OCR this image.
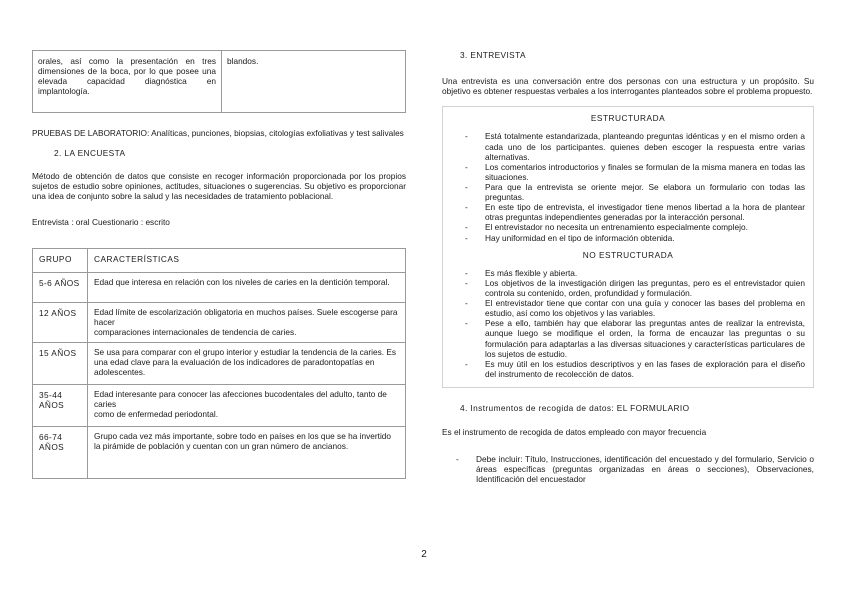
orales, así como la presentación en tres dimensiones de la boca, por lo que posee una elevada capacidad diagnóstica en implantología.	blandos.

PRUEBAS DE LABORATORIO: Analíticas, punciones, biopsias, citologías exfoliativas y test salivales

2. LA ENCUESTA

Método de obtención de datos que consiste en recoger información proporcionada por los propios sujetos de estudio sobre opiniones, actitudes, situaciones o sugerencias. Su objetivo es proporcionar una idea de conjunto sobre la salud y las necesidades de tratamiento poblacional.

Entrevista : oral Cuestionario : escrito

GRUPO	CARACTERÍSTICAS
5-6 AÑOS	Edad que interesa en relación con los niveles de caries en la dentición temporal.

12 AÑOS	Edad límite de escolarización obligatoria en muchos países. Suele escogerse para hacer
comparaciones internacionales de tendencia de caries.

15 AÑOS	Se usa para comparar con el grupo interior y estudiar la tendencia de la caries. Es una edad clave para la evaluación de los indicadores de paradontopatías en adolescentes.

35-44 AÑOS	Edad interesante para conocer las afecciones bucodentales del adulto, tanto de caries
como de enfermedad periodontal.

66-74 AÑOS	Grupo cada vez más importante, sobre todo en países en los que se ha invertido la pirámide de población y cuentan con un gran número de ancianos.

3. ENTREVISTA

Una entrevista es una conversación entre dos personas con una estructura y un propósito. Su objetivo es obtener respuestas verbales a los interrogantes planteados sobre el problema propuesto.

ESTRUCTURADA

- Está totalmente estandarizada, planteando preguntas idénticas y en el mismo orden a cada uno de los participantes. quienes deben escoger la respuesta entre varias alternativas.
- Los comentarios introductorios y finales se formulan de la misma manera en todas las situaciones.
- Para que la entrevista se oriente mejor. Se elabora un formulario con todas las preguntas.
- En este tipo de entrevista, el investigador tiene menos libertad a la hora de plantear otras preguntas independientes generadas por la interacción personal.
- El entrevistador no necesita un entrenamiento especialmente complejo.
- Hay uniformidad en el tipo de información obtenida.

NO ESTRUCTURADA

- Es más flexible y abierta.
- Los objetivos de la investigación dirigen las preguntas, pero es el entrevistador quien controla su contenido, orden, profundidad y formulación.
- El entrevistador tiene que contar con una guía y conocer las bases del problema en estudio, así como los objetivos y las variables.
- Pese a ello, también hay que elaborar las preguntas antes de realizar la entrevista, aunque luego se modifique el orden, la forma de encauzar las preguntas o su formulación para adaptarlas a las diversas situaciones y características particulares de los sujetos de estudio.
- Es muy útil en los estudios descriptivos y en las fases de exploración para el diseño del instrumento de recolección de datos.

4. Instrumentos de recogida de datos: EL FORMULARIO

Es el instrumento de recogida de datos empleado con mayor frecuencia

- Debe incluir: Título, Instrucciones, identificación del encuestado y del formulario, Servicio o áreas específicas (preguntas organizadas en áreas o secciones), Observaciones, Identificación del encuestador
2
